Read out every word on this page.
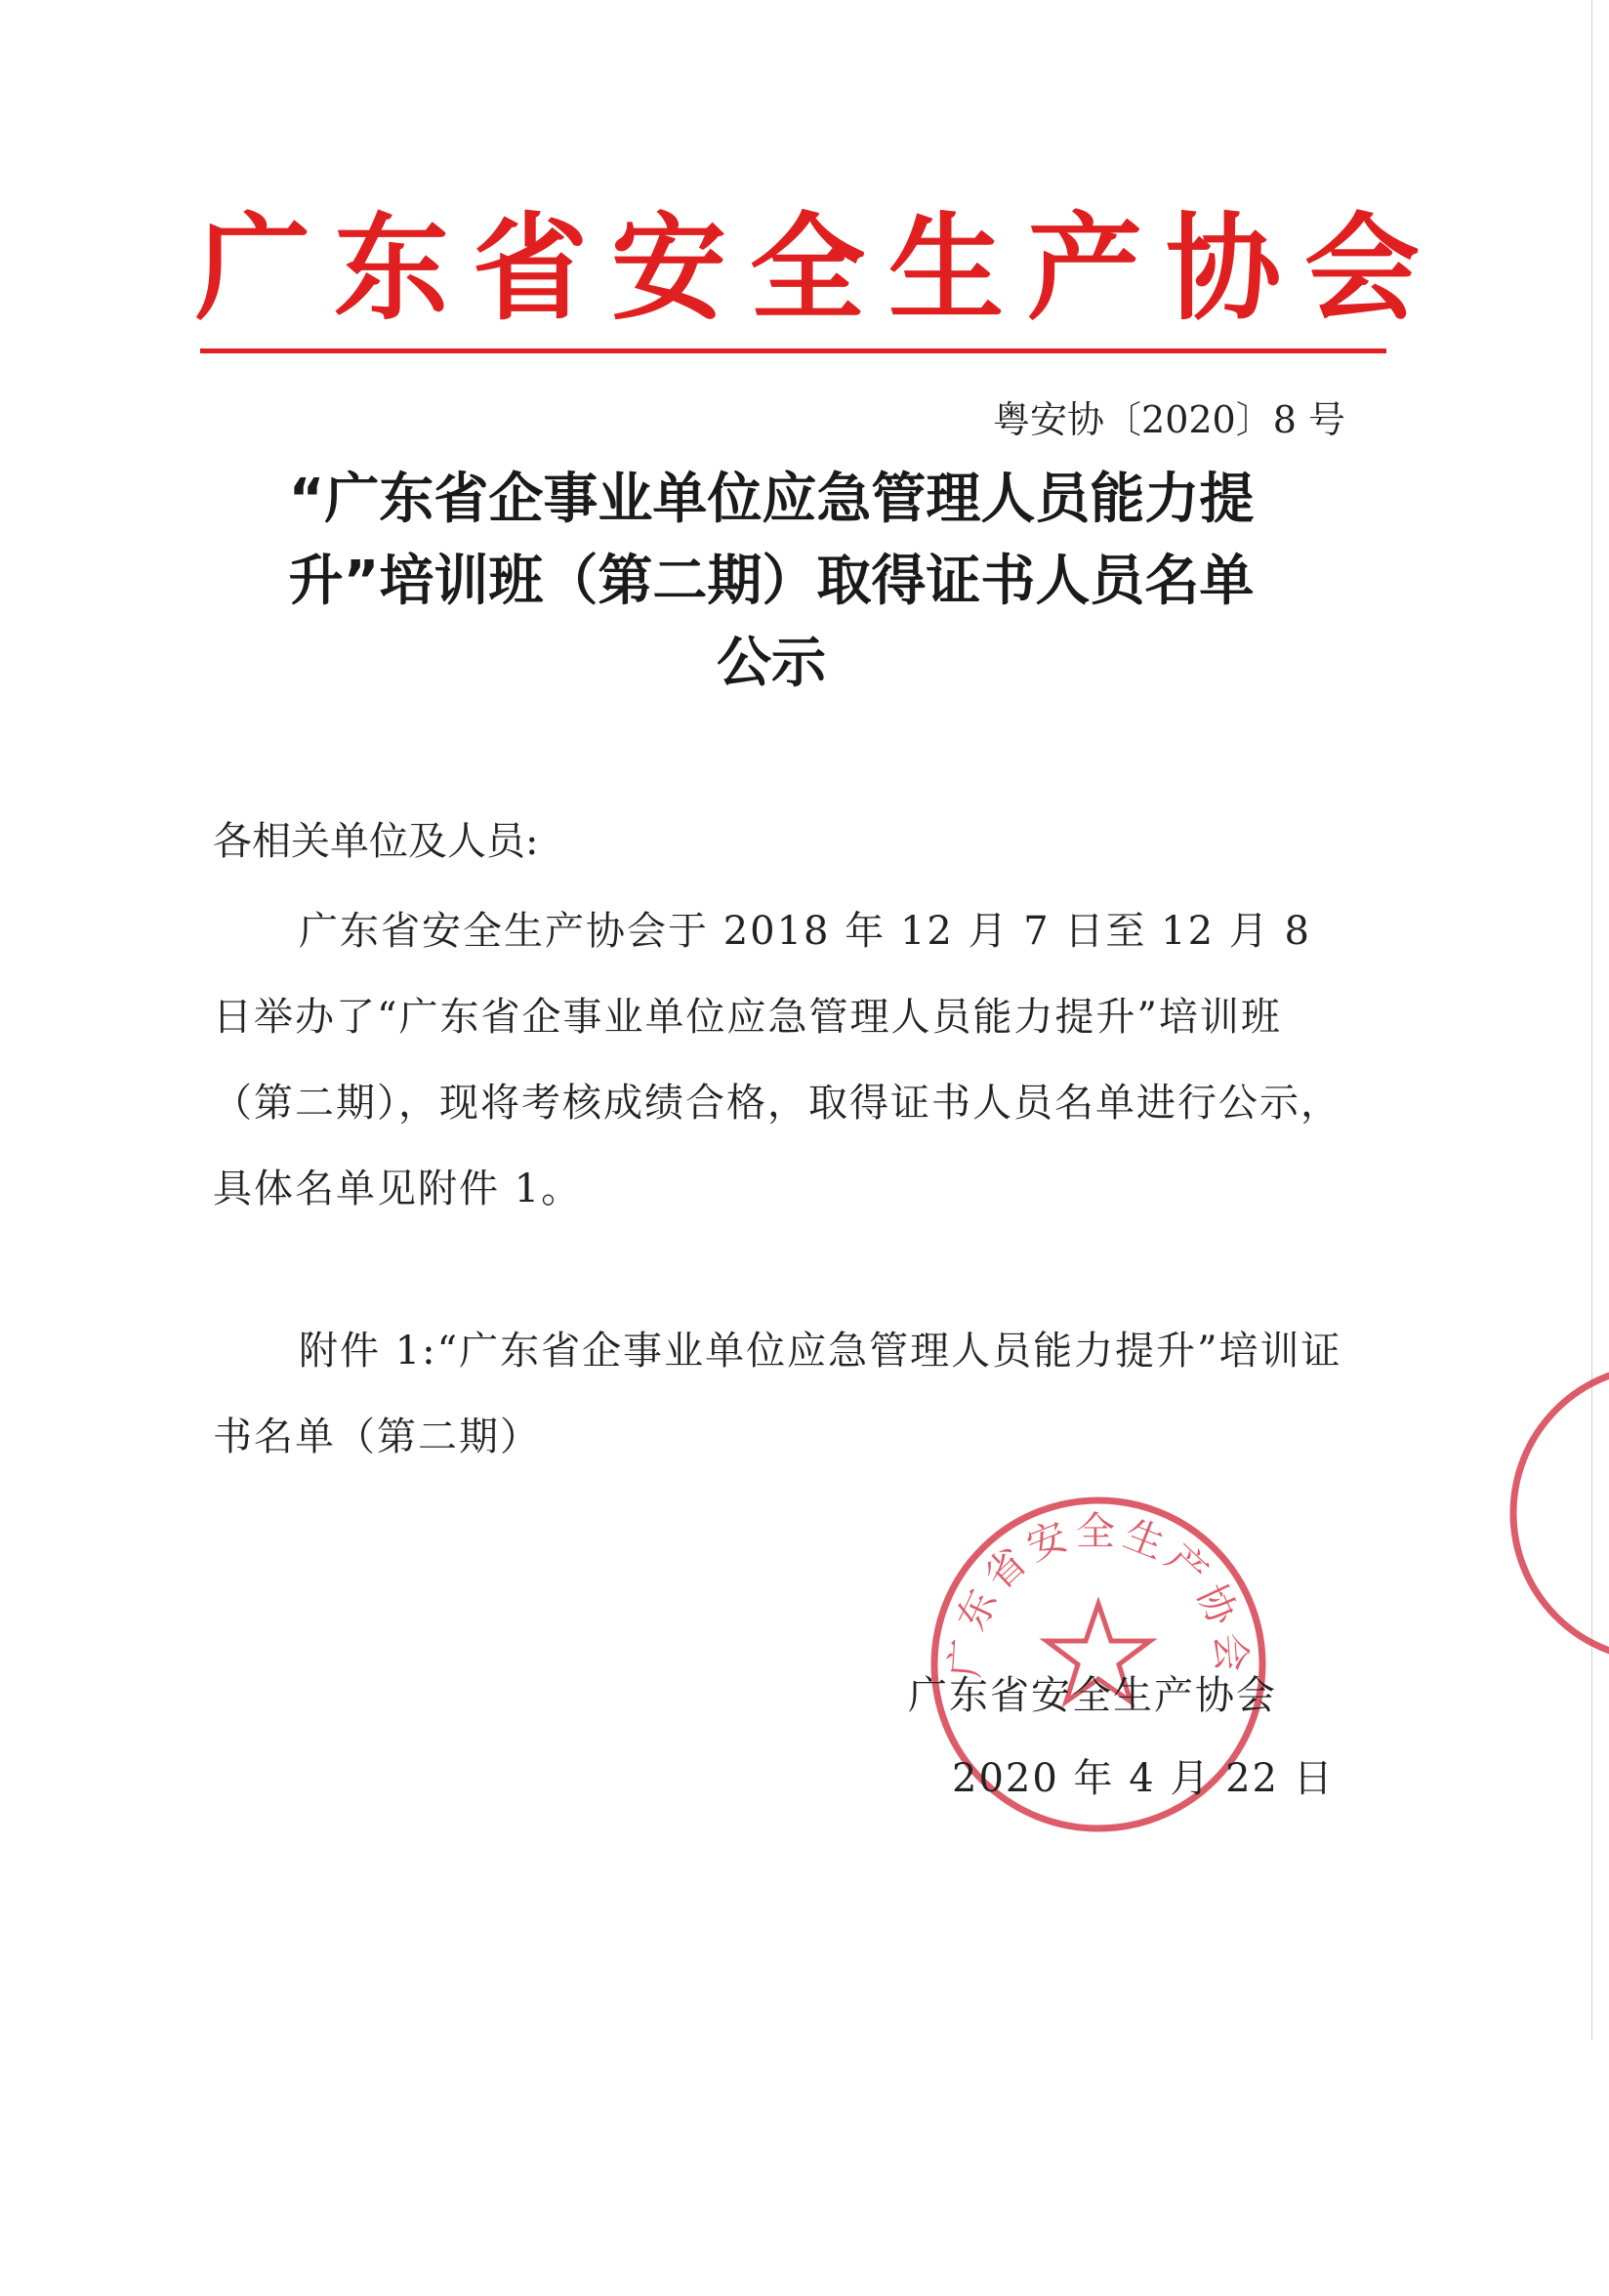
广东省安全生产协会
粤安协〔2020〕8 号
“广东省企事业单位应急管理人员能力提
升”培训班（第二期）取得证书人员名单
公示
各相关单位及人员:
广东省安全生产协会于 2018 年 12 月 7 日至 12 月 8 日举办了“广东省企事业单位应急管理人员能力提升”培训班（第二期），现将考核成绩合格，取得证书人员名单进行公示，具体名单见附件 1。
附件 1:“广东省企事业单位应急管理人员能力提升”培训证书名单（第二期）
广东省安全生产协会
广东省安全生产协会
2020 年 4 月 22 日
